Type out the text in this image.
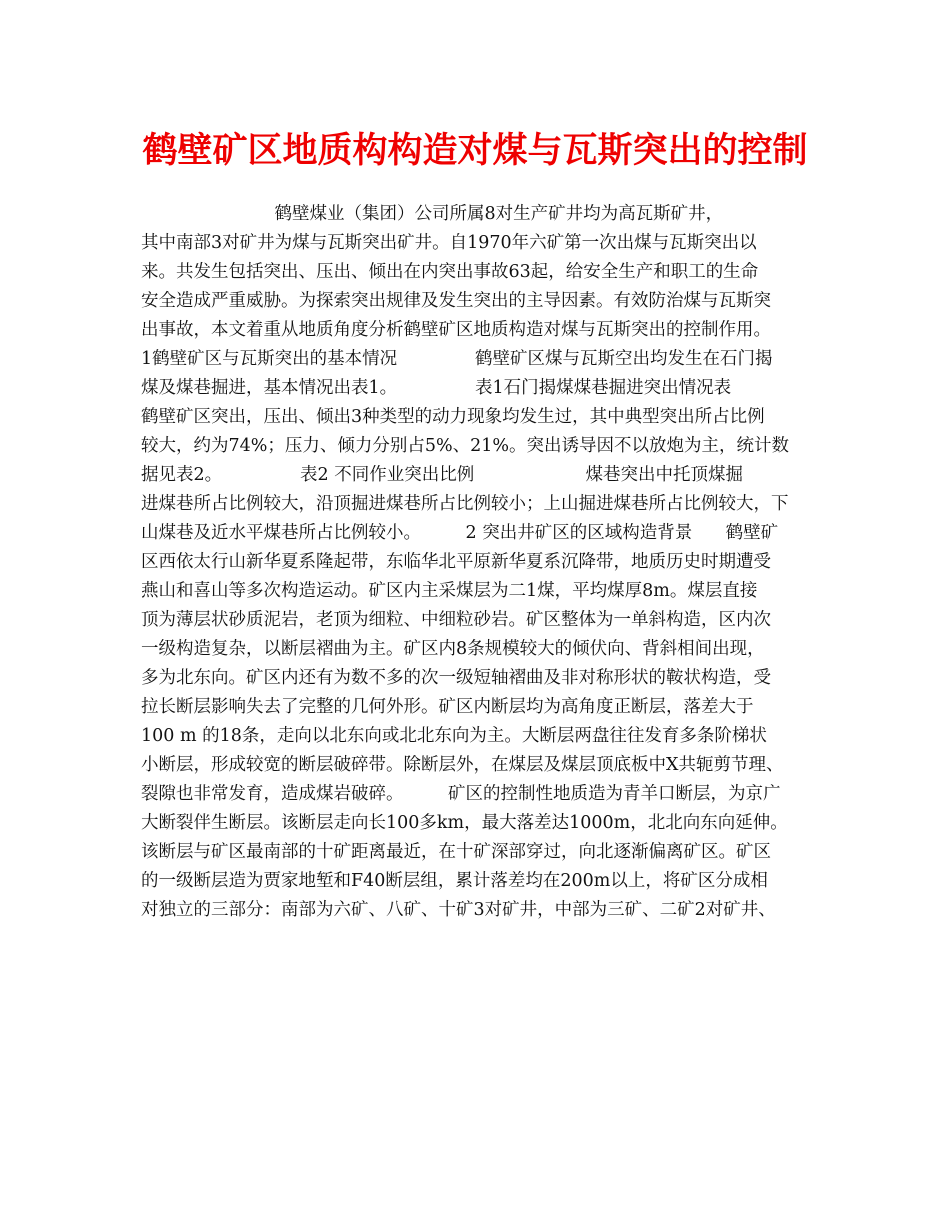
鹤壁矿区地质构构造对煤与瓦斯突出的控制
鹤壁煤业（集团）公司所属8对生产矿井均为高瓦斯矿井，
其中南部3对矿井为煤与瓦斯突出矿井。自1970年六矿第一次出煤与瓦斯突出以
来。共发生包括突出、压出、倾出在内突出事故63起，给安全生产和职工的生命
安全造成严重威胁。为探索突出规律及发生突出的主导因素。有效防治煤与瓦斯突
出事故，本文着重从地质角度分析鹤壁矿区地质构造对煤与瓦斯突出的控制作用。
1鹤壁矿区与瓦斯突出的基本情况              鹤壁矿区煤与瓦斯空出均发生在石门揭
煤及煤巷掘进，基本情况出表1。              表1石门揭煤煤巷掘进突出情况表
鹤壁矿区突出，压出、倾出3种类型的动力现象均发生过，其中典型突出所占比例
较大，约为74%；压力、倾力分别占5%、21%。突出诱导因不以放炮为主，统计数
据见表2。              表2 不同作业突出比例                    煤巷突出中托顶煤掘
进煤巷所占比例较大，沿顶掘进煤巷所占比例较小；上山掘进煤巷所占比例较大，下
山煤巷及近水平煤巷所占比例较小。        2 突出井矿区的区域构造背景      鹤壁矿
区西依太行山新华夏系隆起带，东临华北平原新华夏系沉降带，地质历史时期遭受
燕山和喜山等多次构造运动。矿区内主采煤层为二1煤，平均煤厚8m。煤层直接
顶为薄层状砂质泥岩，老顶为细粒、中细粒砂岩。矿区整体为一单斜构造，区内次
一级构造复杂，以断层褶曲为主。矿区内8条规模较大的倾伏向、背斜相间出现，
多为北东向。矿区内还有为数不多的次一级短轴褶曲及非对称形状的鞍状构造，受
拉长断层影响失去了完整的几何外形。矿区内断层均为高角度正断层，落差大于
100 m 的18条，走向以北东向或北北东向为主。大断层两盘往往发育多条阶梯状
小断层，形成较宽的断层破碎带。除断层外，在煤层及煤层顶底板中X共轭剪节理、
裂隙也非常发育，造成煤岩破碎。        矿区的控制性地质造为青羊口断层，为京广
大断裂伴生断层。该断层走向长100多km，最大落差达1000m，北北向东向延伸。
该断层与矿区最南部的十矿距离最近，在十矿深部穿过，向北逐渐偏离矿区。矿区
的一级断层造为贾家地堑和F40断层组，累计落差均在200m以上，将矿区分成相
对独立的三部分：南部为六矿、八矿、十矿3对矿井，中部为三矿、二矿2对矿井、
